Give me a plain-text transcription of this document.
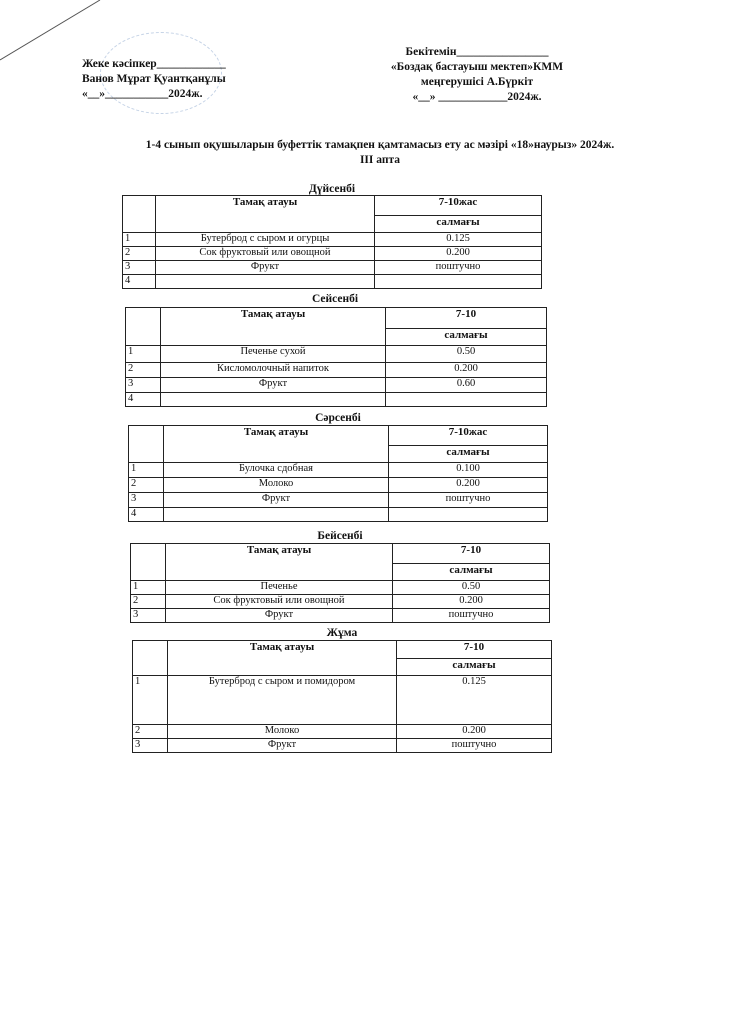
Жеке кәсіпкер____________
Ванов Мұрат Қуантқанұлы
«__»___________2024ж.
Бекітемін________________
«Боздақ бастауыш мектеп»КММ
меңгерушісі А.Бүркіт
«__» ____________2024ж.
1-4 сынып оқушыларын буфеттік тамақпен қамтамасыз ету ас мәзірі «18»наурыз» 2024ж.
ІІІ апта
Дүйсенбі
	Тамақ атауы	7-10жас
		салмағы
1	Бутерброд с сыром и огурцы	0.125
2	Сок фруктовый или овощной	0.200
3	Фрукт	поштучно
4		
Сейсенбі
	Тамақ атауы	7-10
		салмағы
1	Печенье сухой	0.50
2	Кисломолочный напиток	0.200
3	Фрукт	0.60
4		
Сәрсенбі
	Тамақ атауы	7-10жас
		салмағы
1	Булочка сдобная	0.100
2	Молоко	0.200
3	Фрукт	поштучно
4		
Бейсенбі
	Тамақ атауы	7-10
		салмағы
1	Печенье	0.50
2	Сок фруктовый или овощной	0.200
3	Фрукт	поштучно
Жұма
	Тамақ атауы	7-10
		салмағы
1	Бутерброд с сыром и помидором	0.125
2	Молоко	0.200
3	Фрукт	поштучно
